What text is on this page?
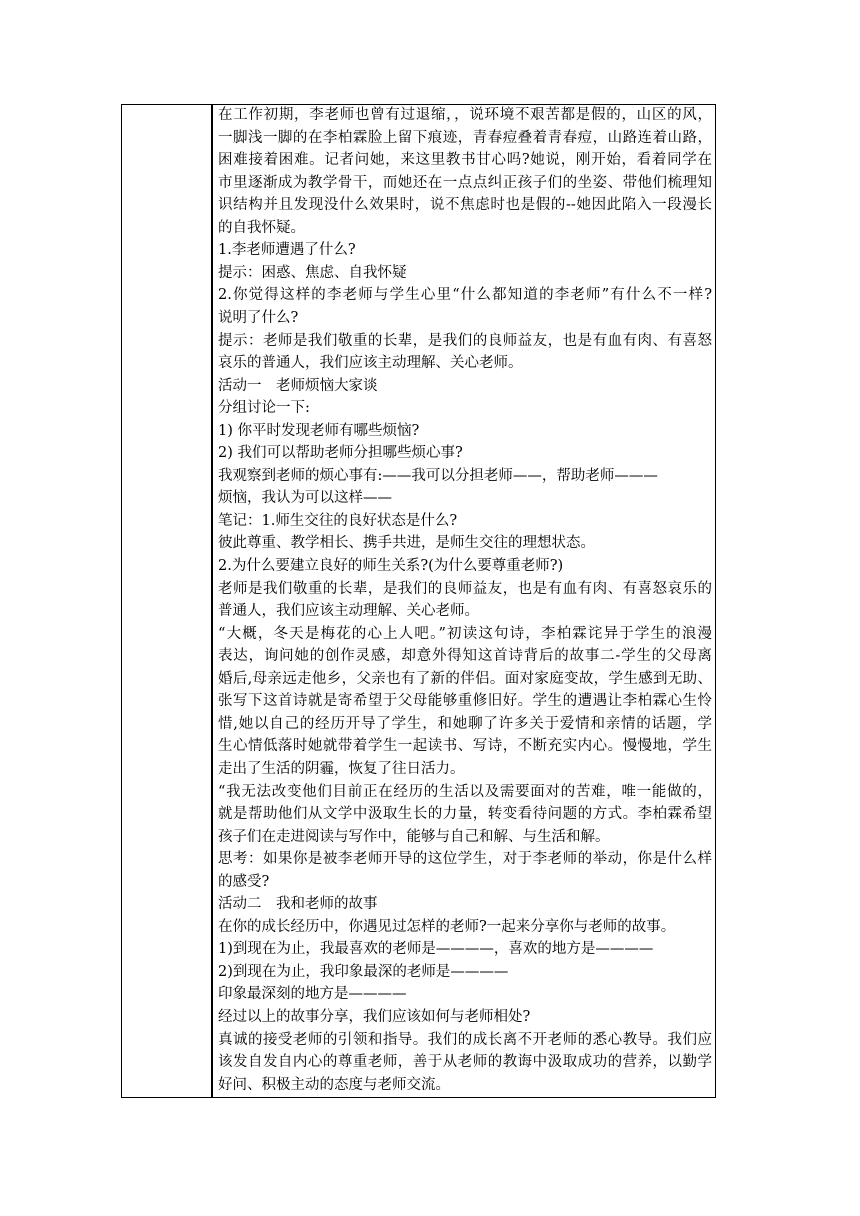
在工作初期，李老师也曾有过退缩，，说环境不艰苦都是假的，山区的风，
一脚浅一脚的在李柏霖脸上留下痕迹，青春痘叠着青春痘，山路连着山路，
困难接着困难。记者问她，来这里教书甘心吗?她说，刚开始，看着同学在
市里逐渐成为教学骨干，而她还在一点点纠正孩子们的坐姿、带他们梳理知
识结构并且发现没什么效果时，说不焦虑时也是假的--她因此陷入一段漫长
的自我怀疑。
1.李老师遭遇了什么?
提示：困惑、焦虑、自我怀疑
2.你觉得这样的李老师与学生心里“什么都知道的李老师”有什么不一样?
说明了什么?
提示：老师是我们敬重的长辈，是我们的良师益友，也是有血有肉、有喜怒
哀乐的普通人，我们应该主动理解、关心老师。
活动一　老师烦恼大家谈
分组讨论一下:
1) 你平时发现老师有哪些烦恼?
2) 我们可以帮助老师分担哪些烦心事?
我观察到老师的烦心事有:——我可以分担老师——，帮助老师———
烦恼，我认为可以这样——
笔记：1.师生交往的良好状态是什么?
彼此尊重、教学相长、携手共进，是师生交往的理想状态。
2.为什么要建立良好的师生关系?(为什么要尊重老师?)
老师是我们敬重的长辈，是我们的良师益友，也是有血有肉、有喜怒哀乐的
普通人，我们应该主动理解、关心老师。
“大概，冬天是梅花的心上人吧。”初读这句诗，李柏霖诧异于学生的浪漫
表达，询问她的创作灵感，却意外得知这首诗背后的故事二-学生的父母离
婚后,母亲远走他乡，父亲也有了新的伴侣。面对家庭变故，学生感到无助、
张写下这首诗就是寄希望于父母能够重修旧好。学生的遭遇让李柏霖心生怜
惜,她以自己的经历开导了学生，和她聊了许多关于爱情和亲情的话题，学
生心情低落时她就带着学生一起读书、写诗，不断充实内心。慢慢地，学生
走出了生活的阴霾，恢复了往日活力。
“我无法改变他们目前正在经历的生活以及需要面对的苦难，唯一能做的，
就是帮助他们从文学中汲取生长的力量，转变看待问题的方式。李柏霖希望
孩子们在走进阅读与写作中，能够与自己和解、与生活和解。
思考：如果你是被李老师开导的这位学生，对于李老师的举动，你是什么样
的感受?
活动二　我和老师的故事
在你的成长经历中，你遇见过怎样的老师?一起来分享你与老师的故事。
1)到现在为止，我最喜欢的老师是————，喜欢的地方是————
2)到现在为止，我印象最深的老师是————
印象最深刻的地方是————
经过以上的故事分享，我们应该如何与老师相处?
真诚的接受老师的引领和指导。我们的成长离不开老师的悉心教导。我们应
该发自发自内心的尊重老师，善于从老师的教诲中汲取成功的营养，以勤学
好问、积极主动的态度与老师交流。
